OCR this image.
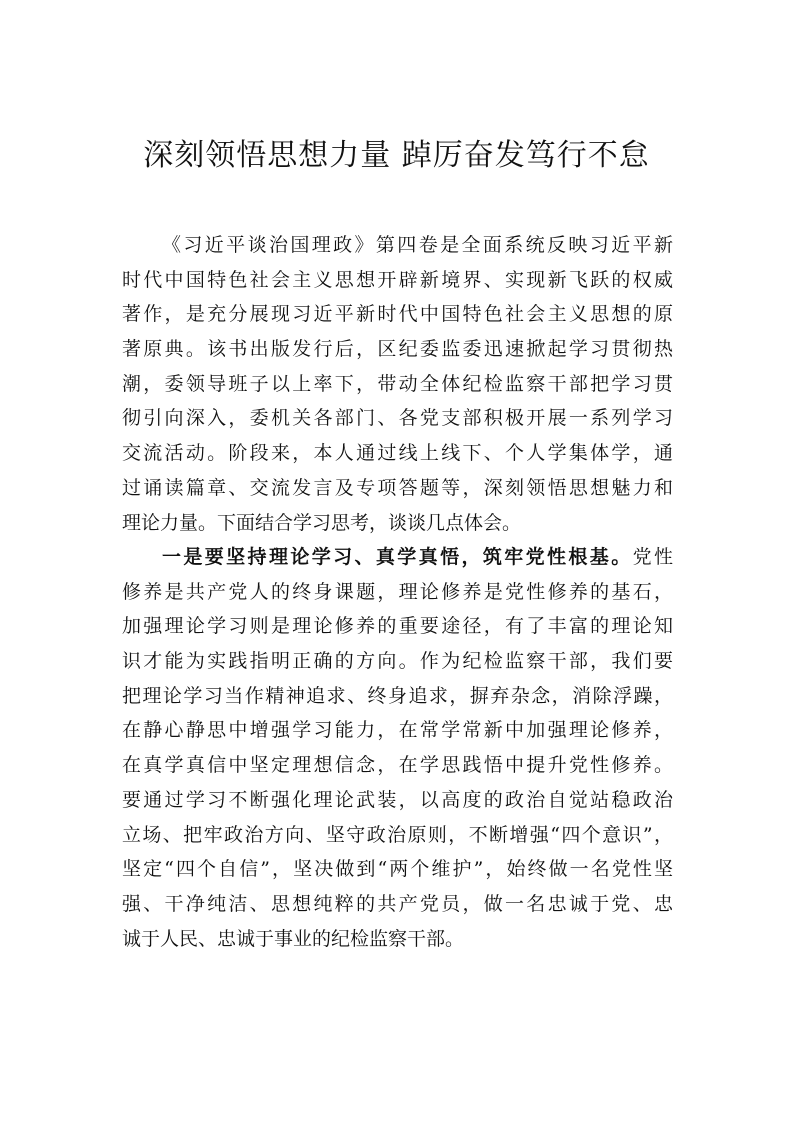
深刻领悟思想力量 踔厉奋发笃行不怠
《习近平谈治国理政》第四卷是全面系统反映习近平新
时代中国特色社会主义思想开辟新境界、实现新飞跃的权威
著作，是充分展现习近平新时代中国特色社会主义思想的原
著原典。该书出版发行后，区纪委监委迅速掀起学习贯彻热
潮，委领导班子以上率下，带动全体纪检监察干部把学习贯
彻引向深入，委机关各部门、各党支部积极开展一系列学习
交流活动。阶段来，本人通过线上线下、个人学集体学，通
过诵读篇章、交流发言及专项答题等，深刻领悟思想魅力和
理论力量。下面结合学习思考，谈谈几点体会。
一是要坚持理论学习、真学真悟，筑牢党性根基。党性
修养是共产党人的终身课题，理论修养是党性修养的基石，
加强理论学习则是理论修养的重要途径，有了丰富的理论知
识才能为实践指明正确的方向。作为纪检监察干部，我们要
把理论学习当作精神追求、终身追求，摒弃杂念，消除浮躁，
在静心静思中增强学习能力，在常学常新中加强理论修养，
在真学真信中坚定理想信念，在学思践悟中提升党性修养。
要通过学习不断强化理论武装，以高度的政治自觉站稳政治
立场、把牢政治方向、坚守政治原则，不断增强“四个意识”，
坚定“四个自信”，坚决做到“两个维护”，始终做一名党性坚
强、干净纯洁、思想纯粹的共产党员，做一名忠诚于党、忠
诚于人民、忠诚于事业的纪检监察干部。
